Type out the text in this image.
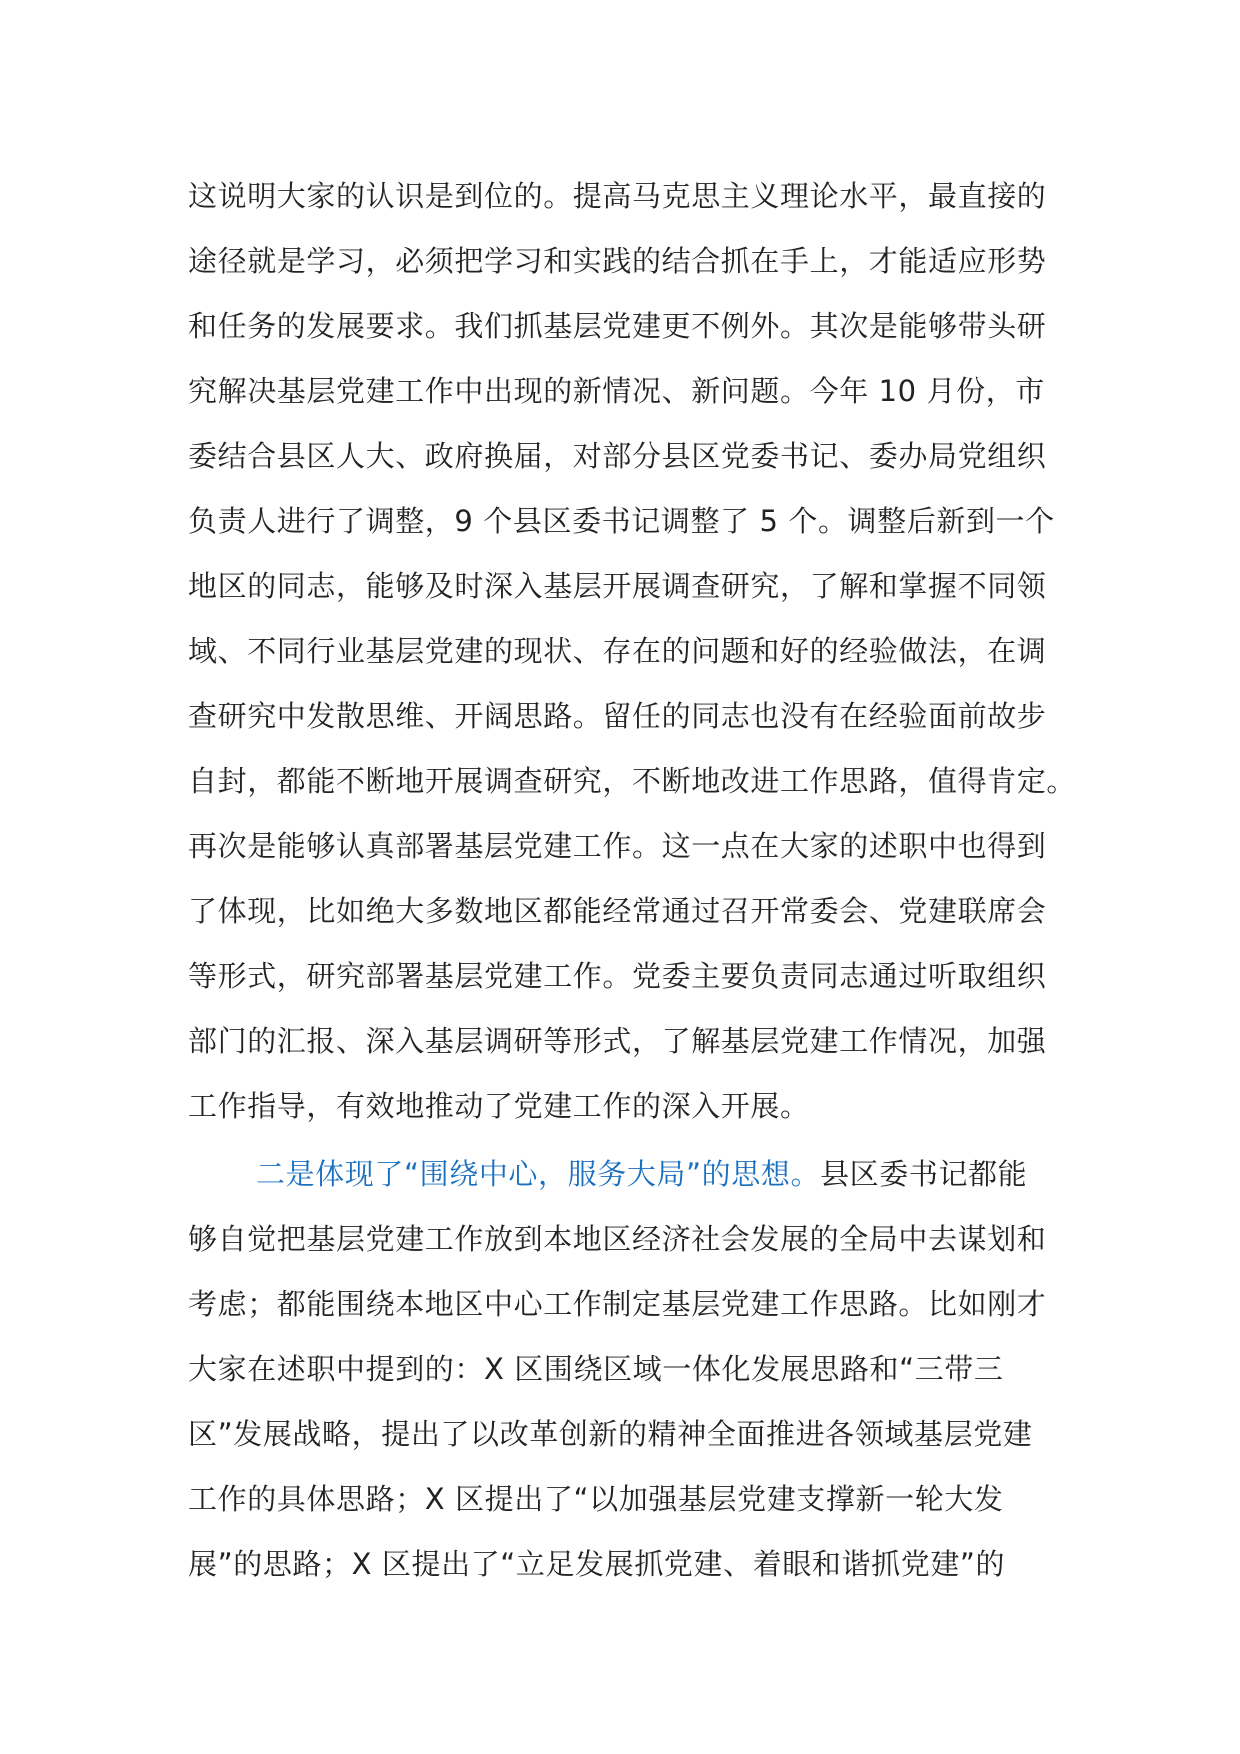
这说明大家的认识是到位的。提高马克思主义理论水平，最直接的
途径就是学习，必须把学习和实践的结合抓在手上，才能适应形势
和任务的发展要求。我们抓基层党建更不例外。其次是能够带头研
究解决基层党建工作中出现的新情况、新问题。今年 10 月份，市
委结合县区人大、政府换届，对部分县区党委书记、委办局党组织
负责人进行了调整，9 个县区委书记调整了 5 个。调整后新到一个
地区的同志，能够及时深入基层开展调查研究，了解和掌握不同领
域、不同行业基层党建的现状、存在的问题和好的经验做法，在调
查研究中发散思维、开阔思路。留任的同志也没有在经验面前故步
自封，都能不断地开展调查研究，不断地改进工作思路，值得肯定。
再次是能够认真部署基层党建工作。这一点在大家的述职中也得到
了体现，比如绝大多数地区都能经常通过召开常委会、党建联席会
等形式，研究部署基层党建工作。党委主要负责同志通过听取组织
部门的汇报、深入基层调研等形式，了解基层党建工作情况，加强
工作指导，有效地推动了党建工作的深入开展。
二是体现了“围绕中心，服务大局”的思想。县区委书记都能
够自觉把基层党建工作放到本地区经济社会发展的全局中去谋划和
考虑；都能围绕本地区中心工作制定基层党建工作思路。比如刚才
大家在述职中提到的：X 区围绕区域一体化发展思路和“三带三
区”发展战略，提出了以改革创新的精神全面推进各领域基层党建
工作的具体思路；X 区提出了“以加强基层党建支撑新一轮大发
展”的思路；X 区提出了“立足发展抓党建、着眼和谐抓党建”的
